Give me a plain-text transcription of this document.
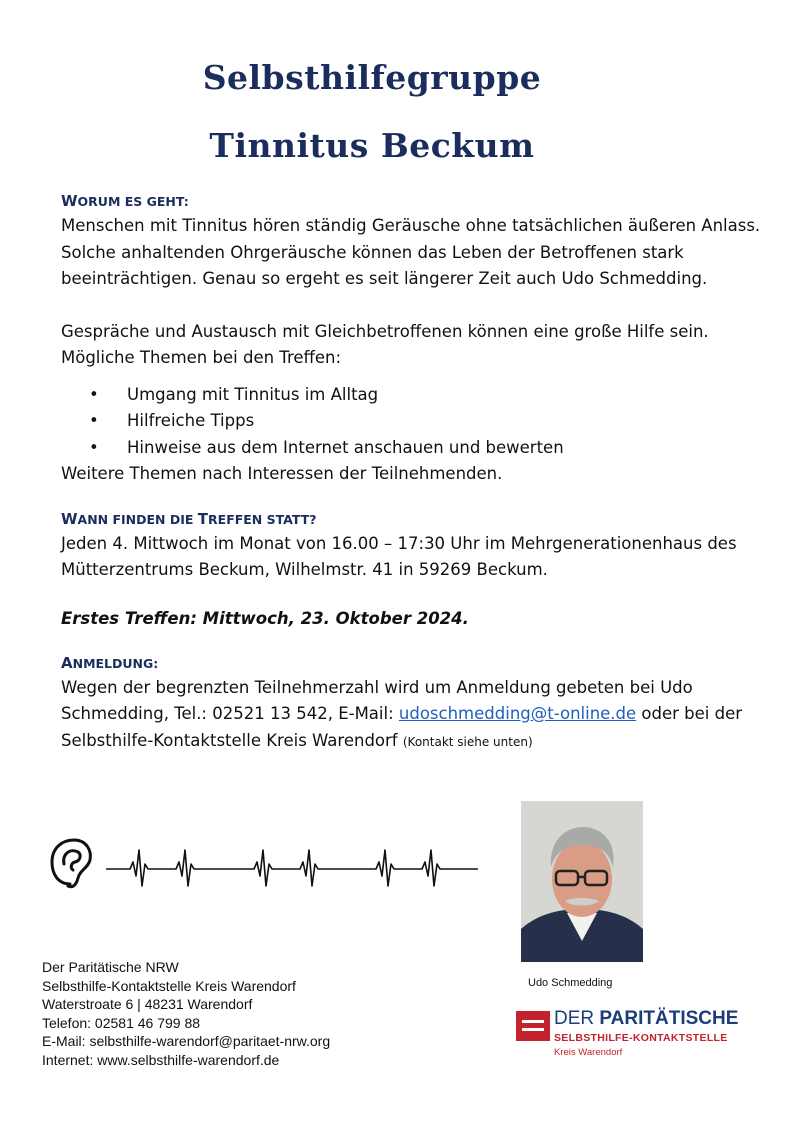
Selbsthilfegruppe
Tinnitus Beckum

WORUM ES GEHT:

Menschen mit Tinnitus hören ständig Geräusche ohne tatsächlichen äußeren Anlass. Solche anhaltenden Ohrgeräusche können das Leben der Betroffenen stark beeinträchtigen. Genau so ergeht es seit längerer Zeit auch Udo Schmedding.

Gespräche und Austausch mit Gleichbetroffenen können eine große Hilfe sein. Mögliche Themen bei den Treffen:

• Umgang mit Tinnitus im Alltag
• Hilfreiche Tipps
• Hinweise aus dem Internet anschauen und bewerten

Weitere Themen nach Interessen der Teilnehmenden.

WANN FINDEN DIE TREFFEN STATT?

Jeden 4. Mittwoch im Monat von 16.00 – 17:30 Uhr im Mehrgenerationenhaus des Mütterzentrums Beckum, Wilhelmstr. 41 in 59269 Beckum.

Erstes Treffen: Mittwoch, 23. Oktober 2024.

ANMELDUNG:

Wegen der begrenzten Teilnehmerzahl wird um Anmeldung gebeten bei Udo Schmedding, Tel.: 02521 13 542, E-Mail: udoschmedding@t-online.de oder bei der Selbsthilfe-Kontaktstelle Kreis Warendorf (Kontakt siehe unten)

Udo Schmedding
Der Paritätische NRW
Selbsthilfe-Kontaktstelle Kreis Warendorf
Waterstroate 6 | 48231 Warendorf
Telefon: 02581 46 799 88
E-Mail: selbsthilfe-warendorf@paritaet-nrw.org
Internet: www.selbsthilfe-warendorf.de
DER PARITÄTISCHE
SELBSTHILFE-KONTAKTSTELLE
Kreis Warendorf
